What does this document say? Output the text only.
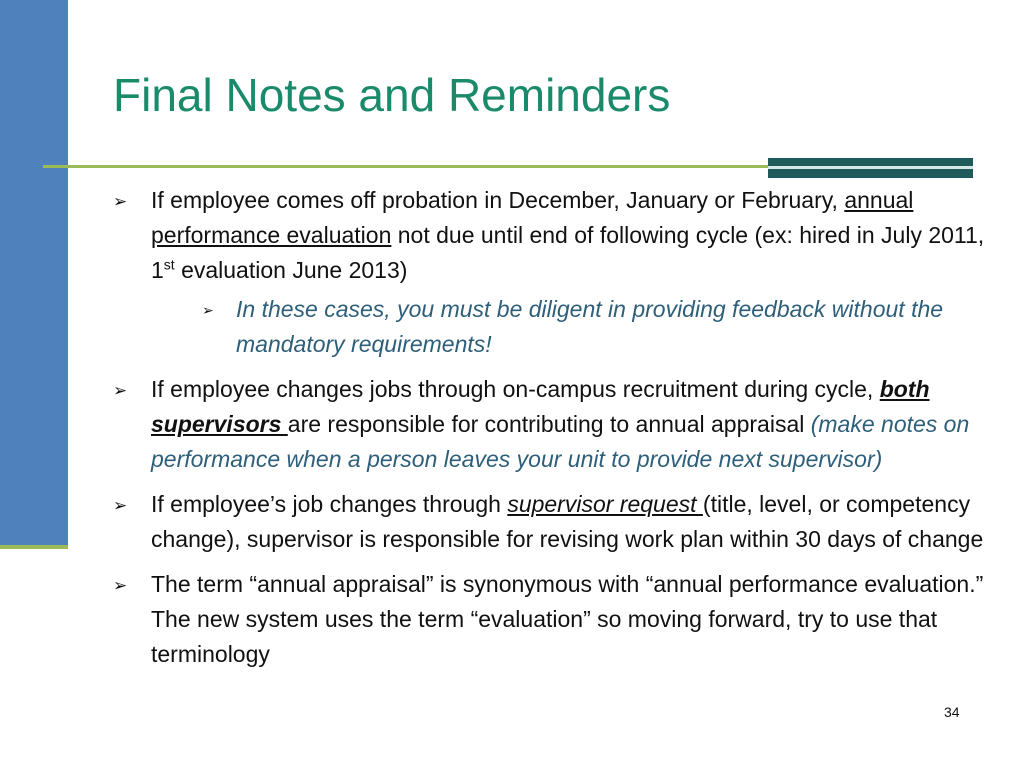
Final Notes and Reminders
➢ If employee comes off probation in December, January or February, annual performance evaluation not due until end of following cycle (ex: hired in July 2011, 1st evaluation June 2013)
➢ In these cases, you must be diligent in providing feedback without the mandatory requirements!
➢ If employee changes jobs through on-campus recruitment during cycle, both supervisors are responsible for contributing to annual appraisal (make notes on performance when a person leaves your unit to provide next supervisor)
➢ If employee’s job changes through supervisor request (title, level, or competency change), supervisor is responsible for revising work plan within 30 days of change
➢ The term “annual appraisal” is synonymous with “annual performance evaluation.” The new system uses the term “evaluation” so moving forward, try to use that terminology
34
